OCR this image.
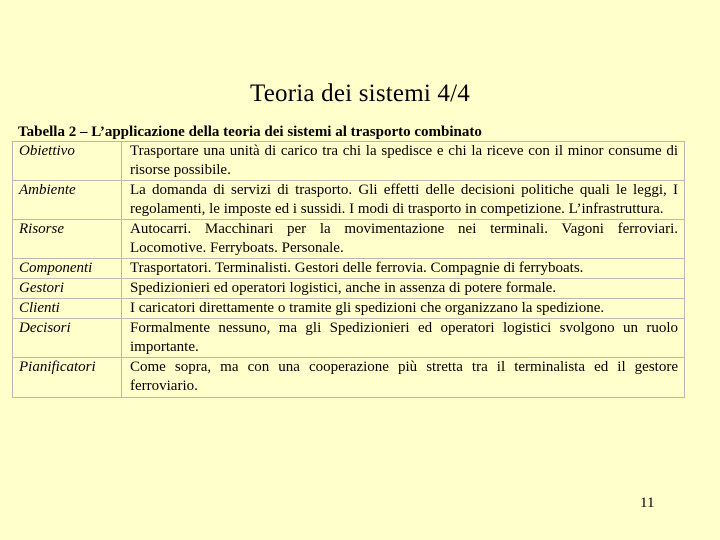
Teoria dei sistemi 4/4
Tabella 2 – L’applicazione della teoria dei sistemi al trasporto combinato
Obiettivo	Trasportare una unità di carico tra chi la spedisce e chi la riceve con il minor consume di risorse possibile.
Ambiente	La domanda di servizi di trasporto. Gli effetti delle decisioni politiche quali le leggi, I regolamenti, le imposte ed i sussidi. I modi di trasporto in competizione. L’infrastruttura.
Risorse	Autocarri. Macchinari per la movimentazione nei terminali. Vagoni ferroviari. Locomotive. Ferryboats. Personale.
Componenti	Trasportatori. Terminalisti. Gestori delle ferrovia. Compagnie di ferryboats.
Gestori	Spedizionieri ed operatori logistici, anche in assenza di potere formale.
Clienti	I caricatori direttamente o tramite gli spedizioni che organizzano la spedizione.
Decisori	Formalmente nessuno, ma gli Spedizionieri ed operatori logistici svolgono un ruolo importante.
Pianificatori	Come sopra, ma con una cooperazione più stretta tra il terminalista ed il gestore ferroviario.
11
